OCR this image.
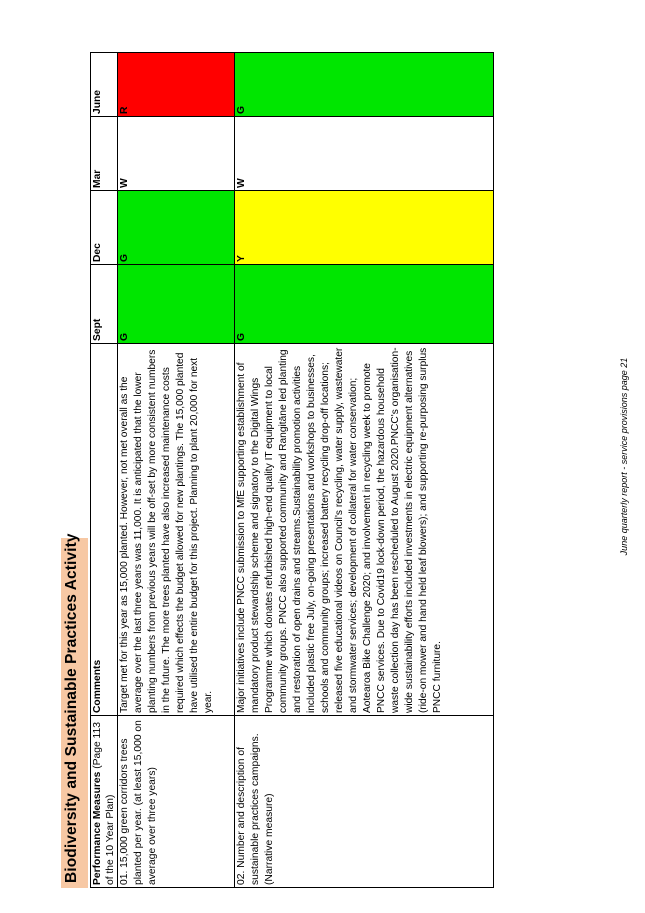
Biodiversity and Sustainable Practices Activity Performance Measures (Page 113 of the 10 Year Plan)	Comments	Sept	Dec	Mar	June
01. 15,000 green corridors trees planted per year. (at least 15,000 on average over three years)	Target met for this year as 15,000 planted. However, not met overall as the average over the last three years was 11,000. It is anticipated that the lower planting numbers from previous years will be off-set by more consistent numbers in the future. The more trees planted have also increased maintenance costs required which effects the budget allowed for new plantings. The 15,000 planted have utilised the entire budget for this project. Planning to plant 20,000 for next year.	G	G	W	R
02. Number and description of sustainable practices campaigns. (Narrative measure)	Major initiatives include PNCC submission to MfE supporting establishment of mandatory product stewardship scheme and signatory to the Digital Wings Programme which donates refurbished high-end quality IT equipment to local community groups. PNCC also supported community and Rangitāne led planting and restoration of open drains and streams.Sustainability promotion activities included plastic free July, on-going presentations and workshops to businesses, schools and community groups; increased battery recycling drop-off locations; released five educational videos on Council's recycling, water supply, wastewater and stormwater services; development of collateral for water conservation; Aotearoa Bike Challenge 2020; and involvement in recycling week to promote PNCC services. Due to Covid19 lock-down period, the hazardous household waste collection day has been rescheduled to August 2020.PNCC's organisation-wide sustainability efforts included investments in electric equipment alternatives (ride-on mower and hand held leaf blowers); and supporting re-purposing surplus PNCC furniture.	G	Y	W	G
June quarterly report - service provisions page 21
